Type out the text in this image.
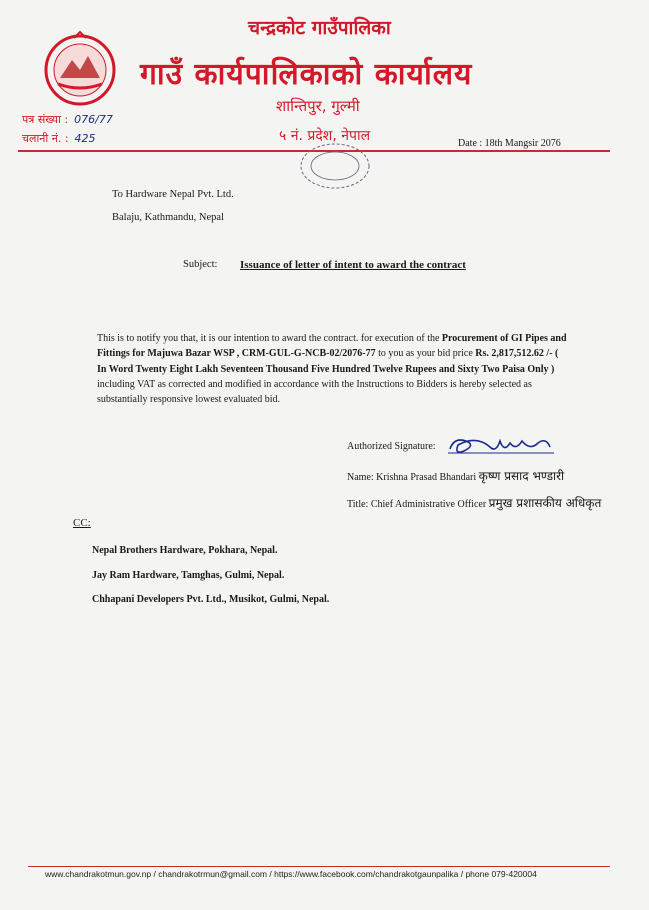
चन्द्रकोट गाउँपालिका
गाउँ कार्यपालिकाको कार्यालय
शान्तिपुर, गुल्मी
५ नं. प्रदेश, नेपाल
पत्र संख्या : 076/77
चलानी नं. : 425	Date : 18th Mangsir 2076
To Hardware Nepal Pvt. Ltd.
Balaju, Kathmandu, Nepal
Subject: Issuance of letter of intent to award the contract
This is to notify you that, it is our intention to award the contract. for execution of the Procurement of GI Pipes and Fittings for Majuwa Bazar WSP , CRM-GUL-G-NCB-02/2076-77 to you as your bid price Rs. 2,817,512.62 /- ( In Word Twenty Eight Lakh Seventeen Thousand Five Hundred Twelve Rupees and Sixty Two Paisa Only ) including VAT as corrected and modified in accordance with the Instructions to Bidders is hereby selected as substantially responsive lowest evaluated bid.
Authorized Signature:
Name: Krishna Prasad Bhandari कृष्ण प्रसाद भण्डारी
Title: Chief Administrative Officer प्रमुख प्रशासकीय अधिकृत
CC:
Nepal Brothers Hardware, Pokhara, Nepal.
Jay Ram Hardware, Tamghas, Gulmi, Nepal.
Chhapani Developers Pvt. Ltd., Musikot, Gulmi, Nepal.
www.chandrakotmun.gov.np / chandrakotrmun@gmail.com / https://www.facebook.com/chandrakotgaunpalika / phone 079-420004
